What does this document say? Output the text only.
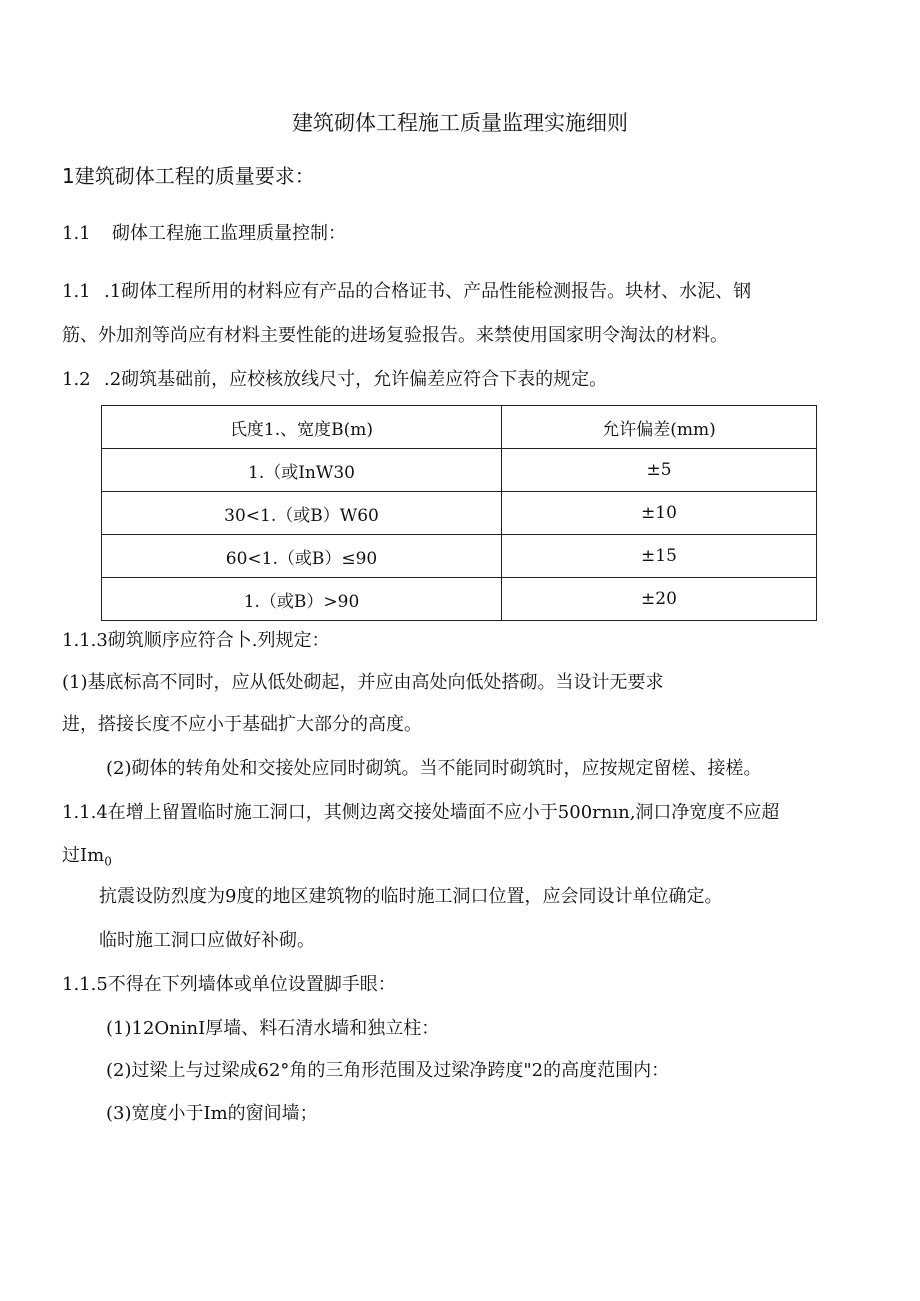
建筑砌体工程施工质量监理实施细则
1建筑砌体工程的质量要求：
1.1 砌体工程施工监理质量控制：
1.1 .1砌体工程所用的材料应有产品的合格证书、产品性能检测报告。块材、水泥、钢
筋、外加剂等尚应有材料主要性能的进场复验报告。来禁使用国家明令淘汰的材料。
1.2 .2砌筑基础前，应校核放线尺寸，允许偏差应符合下表的规定。
氏度1.、宽度B(m)	允许偏差(mm)
1.（或InW30	±5
30<1.（或B）W60	±10
60<1.（或B）≤90	±15
1.（或B）>90	±20
1.1.3砌筑顺序应符合卜.列规定：
(1)基底标高不同时，应从低处砌起，并应由高处向低处搭砌。当设计无要求
进，搭接长度不应小于基础扩大部分的高度。
(2)砌体的转角处和交接处应同时砌筑。当不能同时砌筑时，应按规定留槎、接槎。
1.1.4在增上留置临时施工洞口，其侧边离交接处墙面不应小于500rnın,洞口净宽度不应超
过$Im_0$
抗震设防烈度为9度的地区建筑物的临时施工洞口位置，应会同设计单位确定。
临时施工洞口应做好补砌。
1.1.5不得在下列墙体或单位设置脚手眼：
(1)12OninI厚墙、料石清水墙和独立柱：
(2)过梁上与过梁成62°角的三角形范围及过梁净跨度"2的高度范围内：
(3)宽度小于Im的窗间墙；
